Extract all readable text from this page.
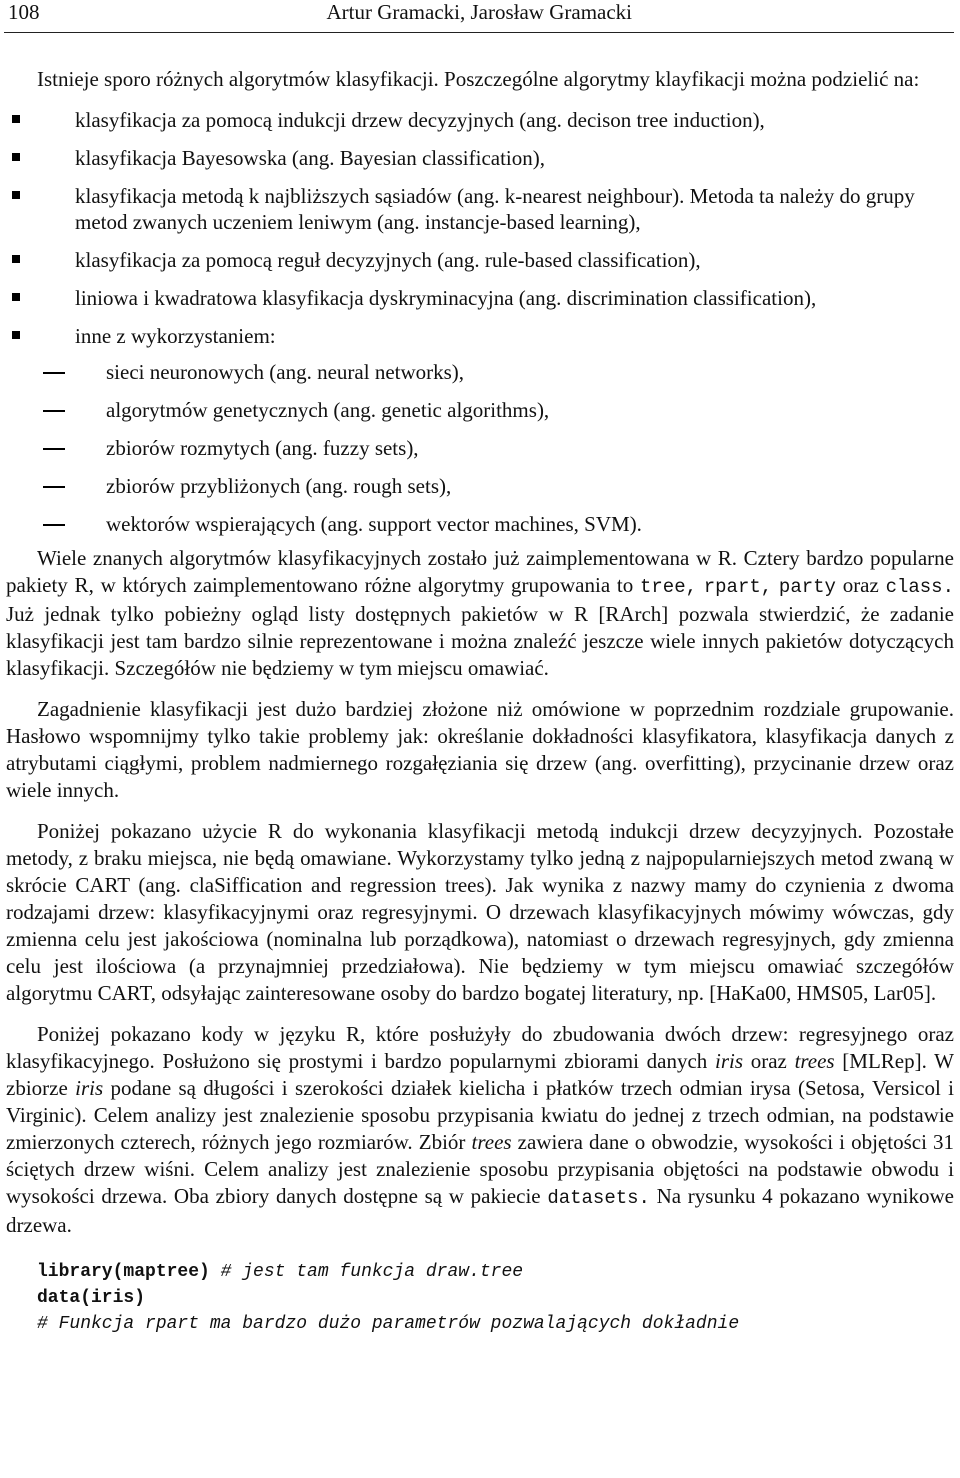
108	Artur Gramacki, Jarosław Gramacki

Istnieje sporo różnych algorytmów klasyfikacji. Poszczególne algorytmy klayfikacji można podzielić na:

klasyfikacja za pomocą indukcji drzew decyzyjnych (ang. decison tree induction),
klasyfikacja Bayesowska (ang. Bayesian classification),
klasyfikacja metodą k najbliższych sąsiadów (ang. k-nearest neighbour). Metoda ta należy do grupy metod zwanych uczeniem leniwym (ang. instancje-based learning),
klasyfikacja za pomocą reguł decyzyjnych (ang. rule-based classification),
liniowa i kwadratowa klasyfikacja dyskryminacyjna (ang. discrimination classification),
inne z wykorzystaniem:
sieci neuronowych (ang. neural networks),
algorytmów genetycznych (ang. genetic algorithms),
zbiorów rozmytych (ang. fuzzy sets),
zbiorów przybliżonych (ang. rough sets),
wektorów wspierających (ang. support vector machines, SVM).

Wiele znanych algorytmów klasyfikacyjnych zostało już zaimplementowana w R. Cztery bardzo popularne pakiety R, w których zaimplementowano różne algorytmy grupowania to tree, rpart, party oraz class. Już jednak tylko pobieżny ogląd listy dostępnych pakietów w R [RArch] pozwala stwierdzić, że zadanie klasyfikacji jest tam bardzo silnie reprezentowane i można znaleźć jeszcze wiele innych pakietów dotyczących klasyfikacji. Szczegółów nie będziemy w tym miejscu omawiać.

Zagadnienie klasyfikacji jest dużo bardziej złożone niż omówione w poprzednim rozdziale grupowanie. Hasłowo wspomnijmy tylko takie problemy jak: określanie dokładności klasyfikatora, klasyfikacja danych z atrybutami ciągłymi, problem nadmiernego rozgałęziania się drzew (ang. overfitting), przycinanie drzew oraz wiele innych.

Poniżej pokazano użycie R do wykonania klasyfikacji metodą indukcji drzew decyzyjnych. Pozostałe metody, z braku miejsca, nie będą omawiane. Wykorzystamy tylko jedną z najpopularniejszych metod zwaną w skrócie CART (ang. claSiffication and regression trees). Jak wynika z nazwy mamy do czynienia z dwoma rodzajami drzew: klasyfikacyjnymi oraz regresyjnymi. O drzewach klasyfikacyjnych mówimy wówczas, gdy zmienna celu jest jakościowa (nominalna lub porządkowa), natomiast o drzewach regresyjnych, gdy zmienna celu jest ilościowa (a przynajmniej przedziałowa). Nie będziemy w tym miejscu omawiać szczegółów algorytmu CART, odsyłając zainteresowane osoby do bardzo bogatej literatury, np. [HaKa00, HMS05, Lar05].

Poniżej pokazano kody w języku R, które posłużyły do zbudowania dwóch drzew: regresyjnego oraz klasyfikacyjnego. Posłużono się prostymi i bardzo popularnymi zbiorami danych iris oraz trees [MLRep]. W zbiorze iris podane są długości i szerokości działek kielicha i płatków trzech odmian irysa (Setosa, Versicol i Virginic). Celem analizy jest znalezienie sposobu przypisania kwiatu do jednej z trzech odmian, na podstawie zmierzonych czterech, różnych jego rozmiarów. Zbiór trees zawiera dane o obwodzie, wysokości i objętości 31 ściętych drzew wiśni. Celem analizy jest znalezienie sposobu przypisania objętości na podstawie obwodu i wysokości drzewa. Oba zbiory danych dostępne są w pakiecie datasets. Na rysunku 4 pokazano wynikowe drzewa.

library(maptree) # jest tam funkcja draw.tree
data(iris)
# Funkcja rpart ma bardzo dużo parametrów pozwalających dokładnie
